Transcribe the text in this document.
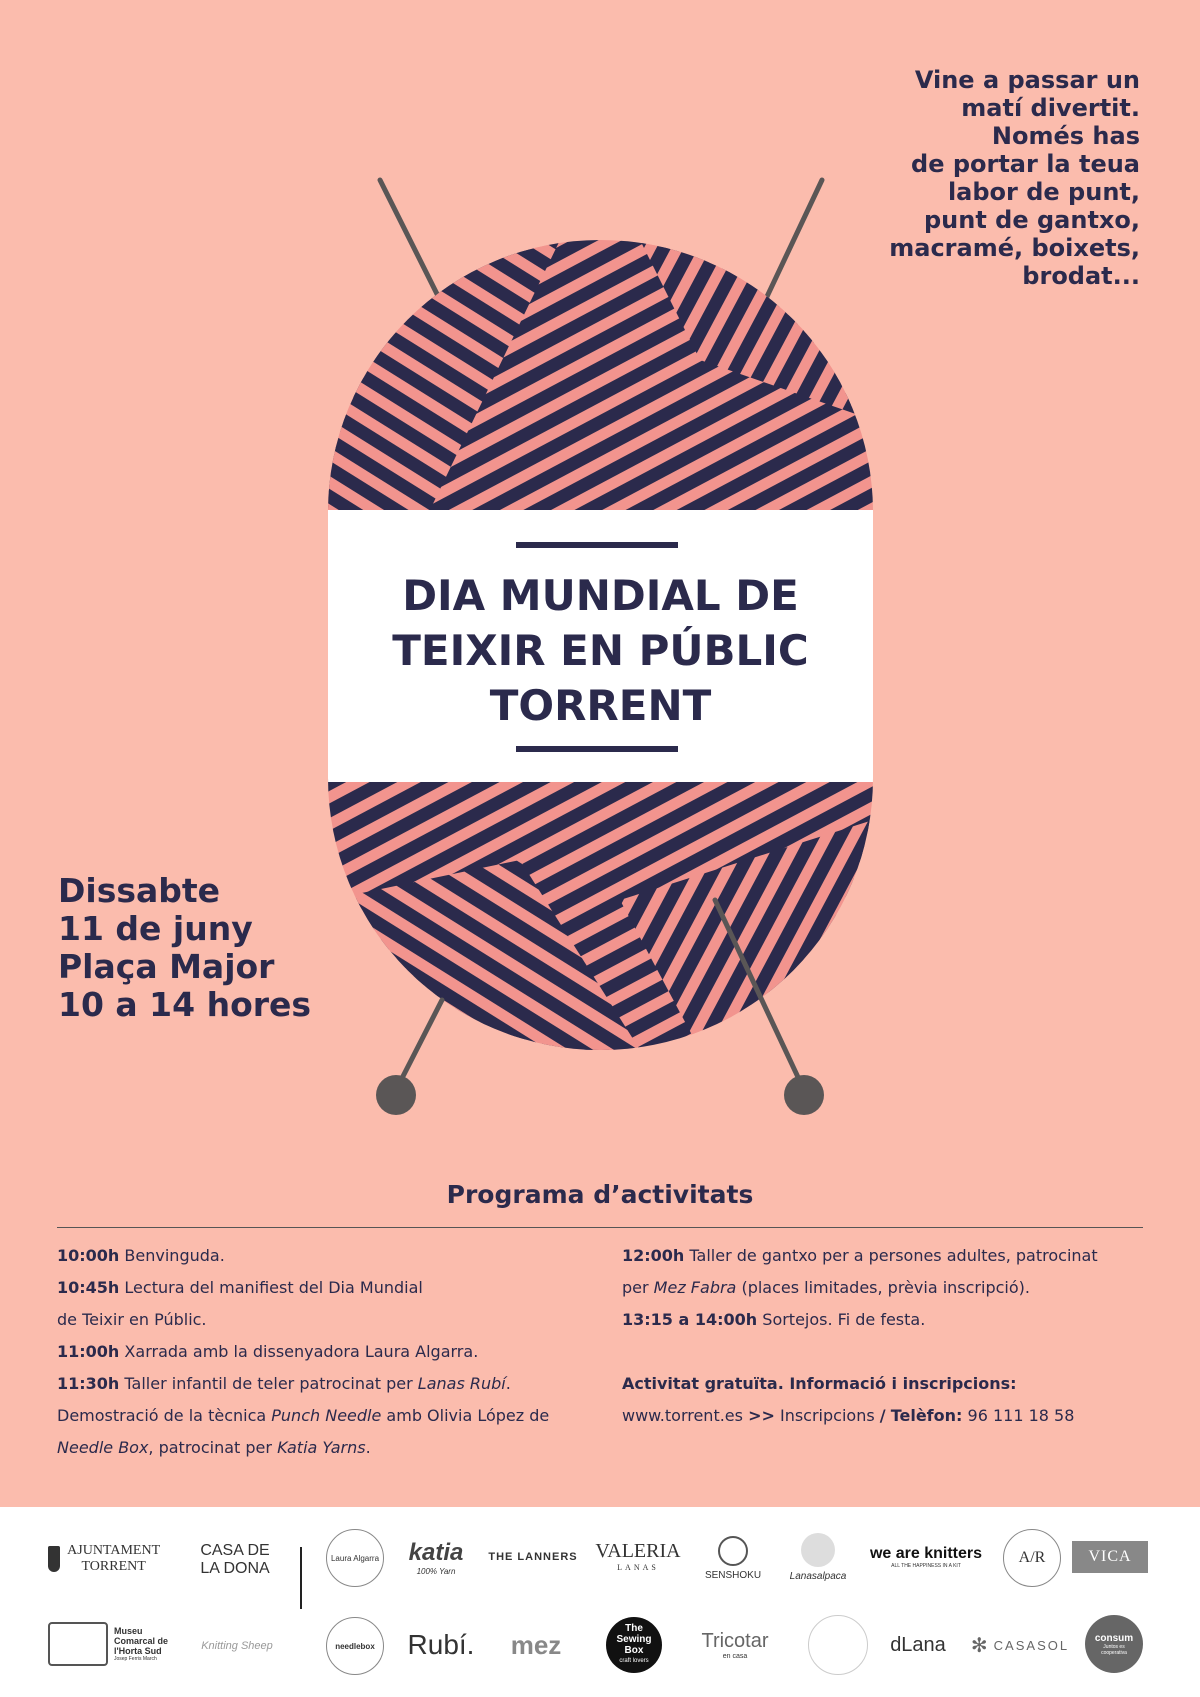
Vine a passar un
matí divertit.
Només has
de portar la teua
labor de punt,
punt de gantxo,
macramé, boixets,
brodat...
DIA MUNDIAL DE
TEIXIR EN PÚBLIC
TORRENT
Dissabte
11 de juny
Plaça Major
10 a 14 hores
Programa d’activitats
10:00h Benvinguda.
10:45h Lectura del manifiest del Dia Mundial
de Teixir en Públic.
11:00h Xarrada amb la dissenyadora Laura Algarra.
11:30h Taller infantil de teler patrocinat per Lanas Rubí.
Demostració de la tècnica Punch Needle amb Olivia López de
Needle Box, patrocinat per Katia Yarns.
12:00h Taller de gantxo per a persones adultes, patrocinat
per Mez Fabra (places limitades, prèvia inscripció).
13:15 a 14:00h Sortejos. Fi de festa.
Activitat gratuïta. Informació i inscripcions:
www.torrent.es >> Inscripcions / Telèfon: 96 111 18 58
AJUNTAMENT TORRENT
CASA DE LA DONA
Laura Algarra katia
100% Yarn
THE LANNERS VALERIA
LANAS
SENSHOKU	Lanasalpaca
we are knitters
ALL THE HAPPINESS IN A KIT	A/R	VICA
Museu Comarcal de l'Horta Sud
Josep Ferris March
Knitting Sheep	needlebox	Rubí.	mez
The Sewing Box
craft lovers
Tricotar
en casa
dLana	✻ CASASOL	consum
Juntos es cooperativa
